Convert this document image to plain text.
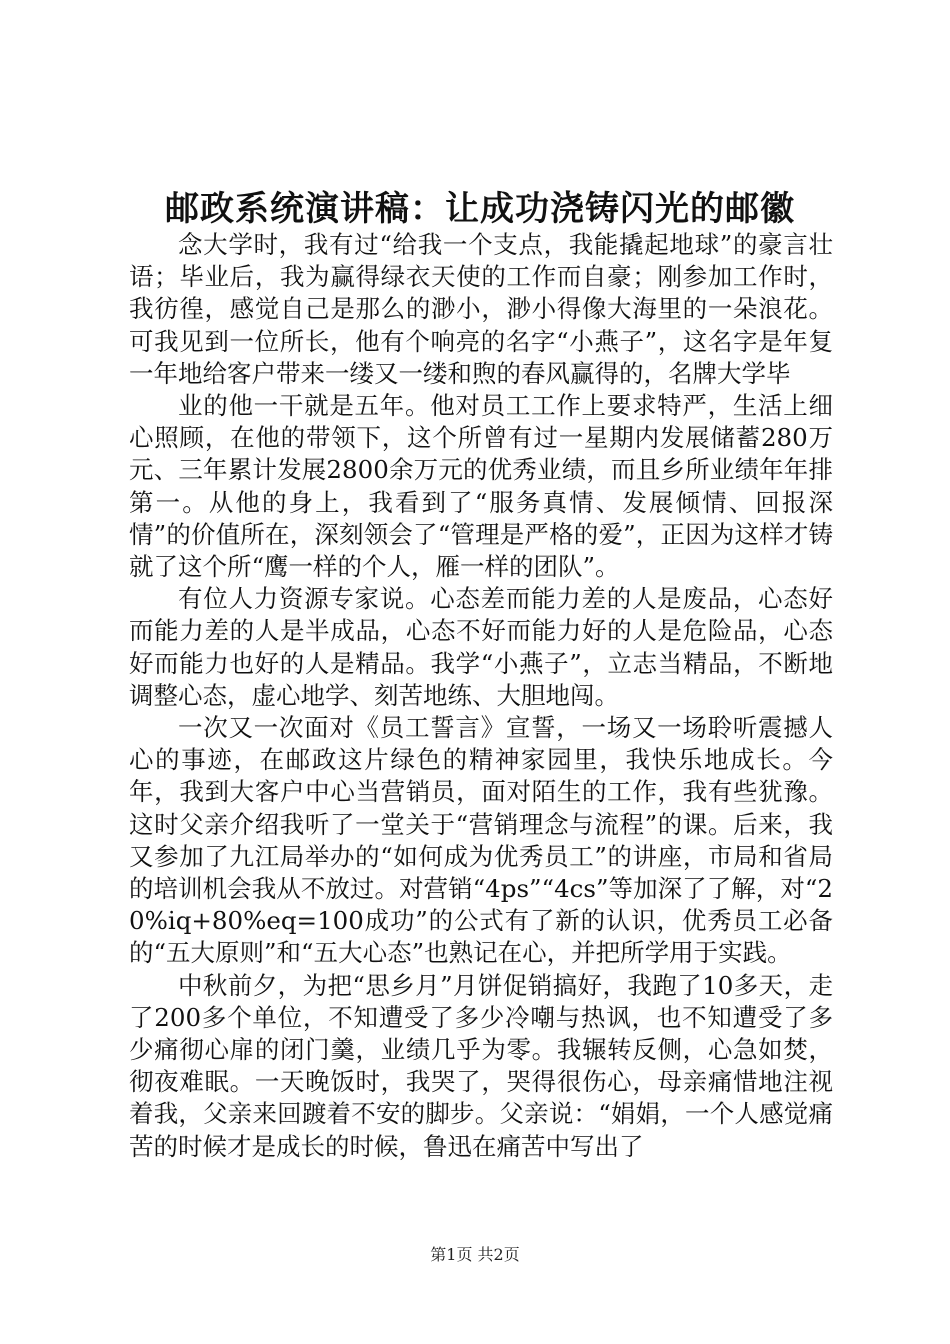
邮政系统演讲稿：让成功浇铸闪光的邮徽

念大学时，我有过“给我一个支点，我能撬起地球”的豪言壮语；毕业后，我为赢得绿衣天使的工作而自豪；刚参加工作时，我彷徨，感觉自己是那么的渺小，渺小得像大海里的一朵浪花。可我见到一位所长，他有个响亮的名字“小燕子”，这名字是年复一年地给客户带来一缕又一缕和煦的春风赢得的，名牌大学毕

业的他一干就是五年。他对员工工作上要求特严，生活上细心照顾，在他的带领下，这个所曾有过一星期内发展储蓄280万元、三年累计发展2800余万元的优秀业绩，而且乡所业绩年年排第一。从他的身上，我看到了“服务真情、发展倾情、回报深情”的价值所在，深刻领会了“管理是严格的爱”，正因为这样才铸就了这个所“鹰一样的个人，雁一样的团队”。

有位人力资源专家说。心态差而能力差的人是废品，心态好而能力差的人是半成品，心态不好而能力好的人是危险品，心态好而能力也好的人是精品。我学“小燕子”，立志当精品，不断地调整心态，虚心地学、刻苦地练、大胆地闯。

一次又一次面对《员工誓言》宣誓，一场又一场聆听震撼人心的事迹，在邮政这片绿色的精神家园里，我快乐地成长。今年，我到大客户中心当营销员，面对陌生的工作，我有些犹豫。这时父亲介绍我听了一堂关于“营销理念与流程”的课。后来，我又参加了九江局举办的“如何成为优秀员工”的讲座，市局和省局的培训机会我从不放过。对营销“4ps”“4cs”等加深了了解，对“20%iq+80%eq=100成功”的公式有了新的认识，优秀员工必备的“五大原则”和“五大心态”也熟记在心，并把所学用于实践。

中秋前夕，为把“思乡月”月饼促销搞好，我跑了10多天，走了200多个单位，不知遭受了多少冷嘲与热讽，也不知遭受了多少痛彻心扉的闭门羹，业绩几乎为零。我辗转反侧，心急如焚，彻夜难眠。一天晚饭时，我哭了，哭得很伤心，母亲痛惜地注视着我，父亲来回踱着不安的脚步。父亲说：“娟娟，一个人感觉痛苦的时候才是成长的时候，鲁迅在痛苦中写出了

第1页 共2页
